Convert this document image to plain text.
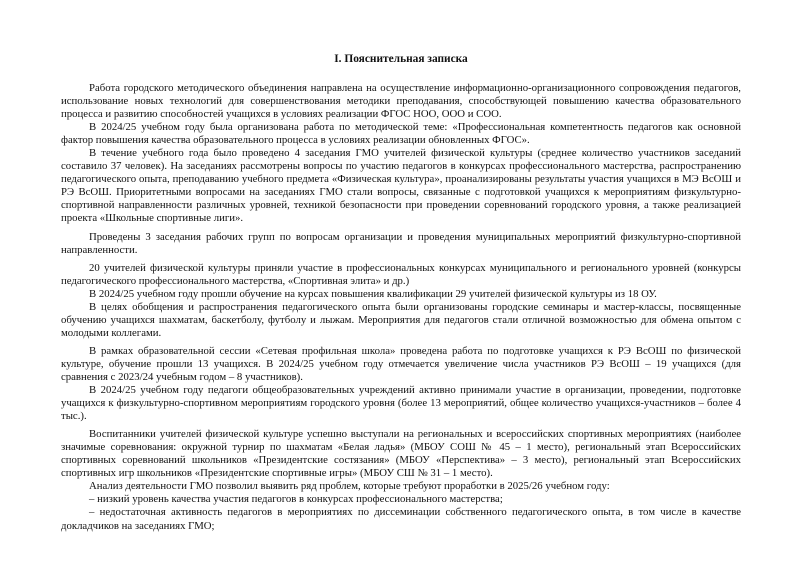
I. Пояснительная записка

Работа городского методического объединения направлена на осуществление информационно-организационного сопровождения педагогов, использование новых технологий для совершенствования методики преподавания, способствующей повышению качества образовательного процесса и развитию способностей учащихся в условиях реализации ФГОС НОО, ООО и СОО.

В 2024/25 учебном году была организована работа по методической теме: «Профессиональная компетентность педагогов как основной фактор повышения качества образовательного процесса в условиях реализации обновленных ФГОС».

В течение учебного года было проведено 4 заседания ГМО учителей физической культуры (среднее количество участников заседаний составило 37 человек). На заседаниях рассмотрены вопросы по участию педагогов в конкурсах профессионального мастерства, распространению педагогического опыта, преподаванию учебного предмета «Физическая культура», проанализированы результаты участия учащихся в МЭ ВсОШ и РЭ ВсОШ. Приоритетными вопросами на заседаниях ГМО стали вопросы, связанные с подготовкой учащихся к мероприятиям физкультурно-спортивной направленности различных уровней, техникой безопасности при проведении соревнований городского уровня, а также реализацией проекта «Школьные спортивные лиги».

Проведены 3 заседания рабочих групп по вопросам организации и проведения муниципальных мероприятий физкультурно-спортивной направленности.

20 учителей физической культуры приняли участие в профессиональных конкурсах муниципального и регионального уровней (конкурсы педагогического профессионального мастерства, «Спортивная элита» и др.)

В 2024/25 учебном году прошли обучение на курсах повышения квалификации 29 учителей физической культуры из 18 ОУ.

В целях обобщения и распространения педагогического опыта были организованы городские семинары и мастер-классы, посвященные обучению учащихся шахматам, баскетболу, футболу и лыжам. Мероприятия для педагогов стали отличной возможностью для обмена опытом с молодыми коллегами.

В рамках образовательной сессии «Сетевая профильная школа» проведена работа по подготовке учащихся к РЭ ВсОШ по физической культуре, обучение прошли 13 учащихся. В 2024/25 учебном году отмечается увеличение числа участников РЭ ВсОШ – 19 учащихся (для сравнения с 2023/24 учебным годом – 8 участников).

В 2024/25 учебном году педагоги общеобразовательных учреждений активно принимали участие в организации, проведении, подготовке учащихся к физкультурно-спортивном мероприятиям городского уровня (более 13 мероприятий, общее количество учащихся-участников – более 4 тыс.).

Воспитанники учителей физической культуре успешно выступали на региональных и всероссийских спортивных мероприятиях (наиболее значимые соревнования: окружной турнир по шахматам «Белая ладья» (МБОУ СОШ № 45 – 1 место), региональный этап Всероссийских спортивных соревнований школьников «Президентские состязания» (МБОУ «Перспектива» – 3 место), региональный этап Всероссийских спортивных игр школьников «Президентские спортивные игры» (МБОУ СШ № 31 – 1 место).

Анализ деятельности ГМО позволил выявить ряд проблем, которые требуют проработки в 2025/26 учебном году:

– низкий уровень качества участия педагогов в конкурсах профессионального мастерства;

– недостаточная активность педагогов в мероприятиях по диссеминации собственного педагогического опыта, в том числе в качестве докладчиков на заседаниях ГМО;
